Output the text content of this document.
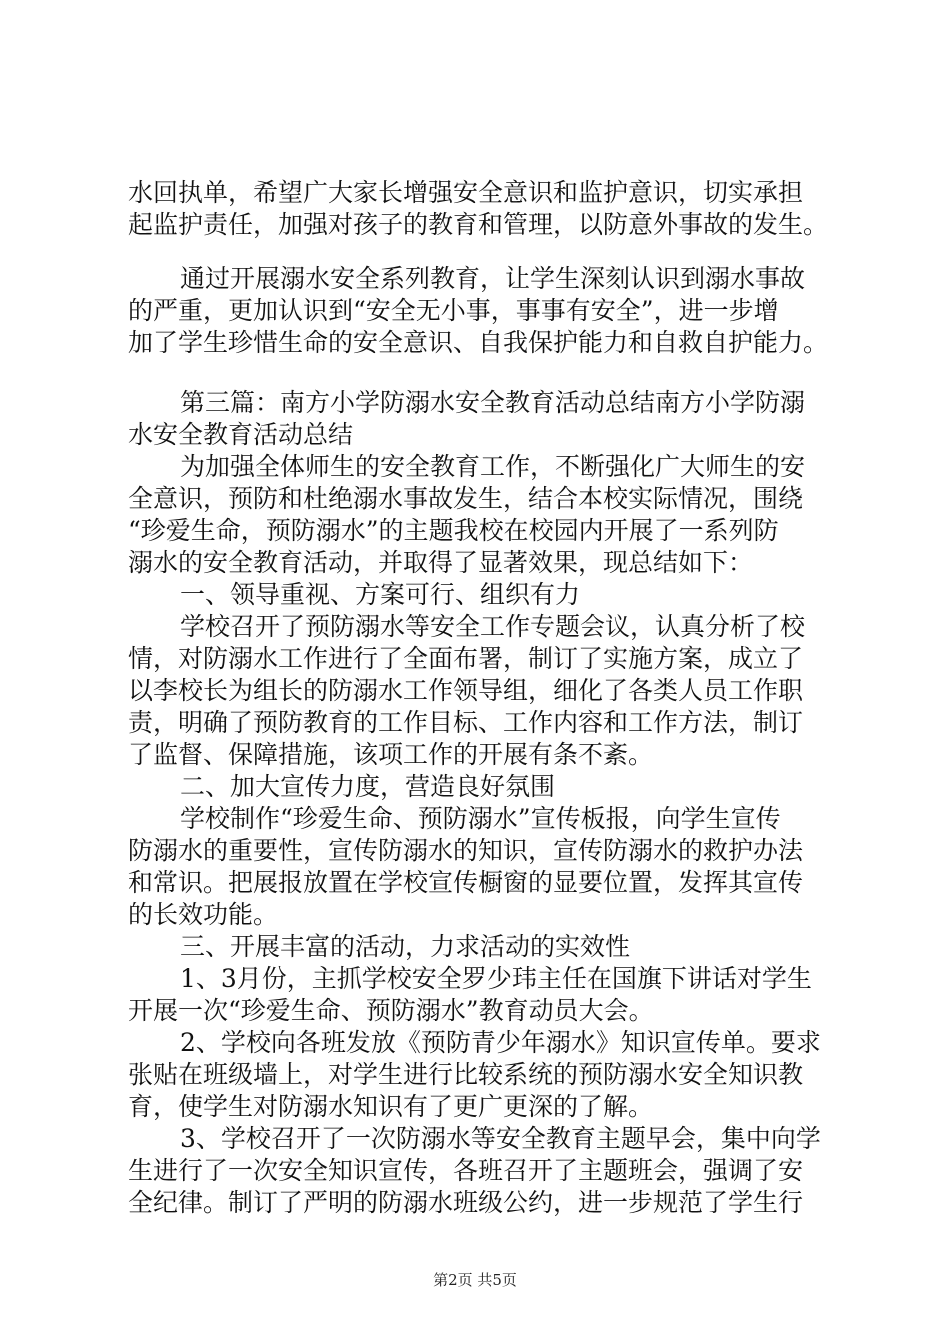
水回执单，希望广大家长增强安全意识和监护意识，切实承担
起监护责任，加强对孩子的教育和管理，以防意外事故的发生。
通过开展溺水安全系列教育，让学生深刻认识到溺水事故
的严重，更加认识到“安全无小事，事事有安全”，进一步增
加了学生珍惜生命的安全意识、自我保护能力和自救自护能力。
第三篇：南方小学防溺水安全教育活动总结南方小学防溺
水安全教育活动总结
为加强全体师生的安全教育工作，不断强化广大师生的安
全意识，预防和杜绝溺水事故发生，结合本校实际情况，围绕
“珍爱生命，预防溺水”的主题我校在校园内开展了一系列防
溺水的安全教育活动，并取得了显著效果，现总结如下：
一、领导重视、方案可行、组织有力
学校召开了预防溺水等安全工作专题会议，认真分析了校
情，对防溺水工作进行了全面布署，制订了实施方案，成立了
以李校长为组长的防溺水工作领导组，细化了各类人员工作职
责，明确了预防教育的工作目标、工作内容和工作方法，制订
了监督、保障措施，该项工作的开展有条不紊。
二、加大宣传力度，营造良好氛围
学校制作“珍爱生命、预防溺水”宣传板报，向学生宣传
防溺水的重要性，宣传防溺水的知识，宣传防溺水的救护办法
和常识。把展报放置在学校宣传橱窗的显要位置，发挥其宣传
的长效功能。
三、开展丰富的活动，力求活动的实效性
1、3月份，主抓学校安全罗少玮主任在国旗下讲话对学生
开展一次“珍爱生命、预防溺水”教育动员大会。
2、学校向各班发放《预防青少年溺水》知识宣传单。要求
张贴在班级墙上，对学生进行比较系统的预防溺水安全知识教
育，使学生对防溺水知识有了更广更深的了解。
3、学校召开了一次防溺水等安全教育主题早会，集中向学
生进行了一次安全知识宣传，各班召开了主题班会，强调了安
全纪律。制订了严明的防溺水班级公约，进一步规范了学生行
第2页 共5页
